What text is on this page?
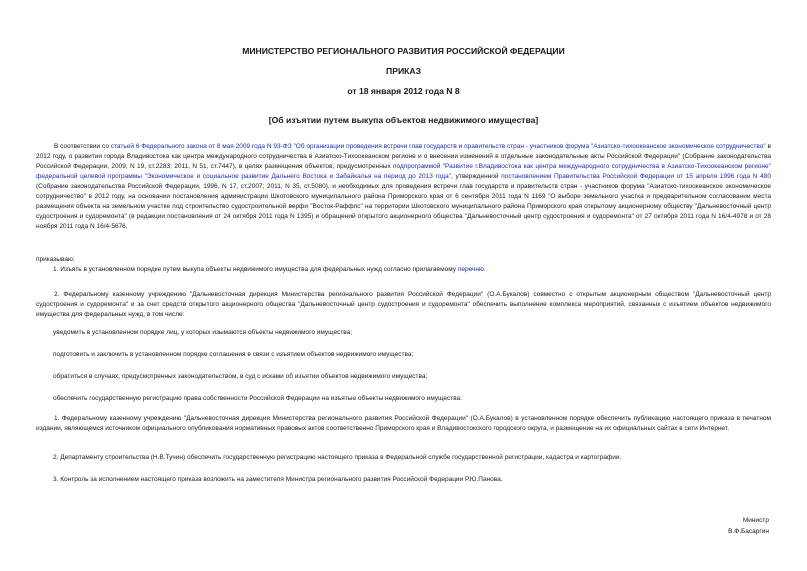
МИНИСТЕРСТВО РЕГИОНАЛЬНОГО РАЗВИТИЯ РОССИЙСКОЙ ФЕДЕРАЦИИ
ПРИКАЗ
от 18 января 2012 года N 8
[Об изъятии путем выкупа объектов недвижимого имущества]
В соответствии со статьей 6 Федерального закона от 8 мая 2009 года N 93-ФЗ "Об организации проведения встречи глав государств и правительств стран - участников форума "Азиатско-тихоокеанское экономическое сотрудничество" в 2012 году, о развитии города Владивостока как центра международного сотрудничества в Азиатско-Тихоокеанском регионе и о внесении изменений в отдельные законодательные акты Российской Федерации" (Собрание законодательства Российской Федерации, 2009, N 19, ст.2283; 2011, N 51, ст.7447), в целях размещения объектов, предусмотренных подпрограммой "Развитие г.Владивостока как центра международного сотрудничества в Азиатско-Тихоокеанском регионе" федеральной целевой программы "Экономическое и социальное развитие Дальнего Востока и Забайкалья на период до 2013 года", утвержденной постановлением Правительства Российской Федерации от 15 апреля 1996 года N 480 (Собрание законодательства Российской Федерации, 1996, N 17, ст.2007; 2011, N 35, ст.5080), и необходимых для проведения встречи глав государств и правительств стран - участников форума "Азиатско-тихоокеанское экономическое сотрудничество" в 2012 году, на основании постановления администрации Шкотовского муниципального района Приморского края от 6 сентября 2011 года N 1169 "О выборе земельного участка и предварительном согласовании места размещения объекта на земельном участке под строительство судостроительной верфи "Восток-Раффлс" на территории Шкотовского муниципального района Приморского края открытому акционерному обществу "Дальневосточный центр судостроения и судоремонта" (в редакции постановления от 24 октября 2011 года N 1395) и обращений открытого акционерного общества "Дальневосточный центр судостроения и судоремонта" от 27 октября 2011 года N 16/4-4978 и от 28 ноября 2011 года N 16/4-5676,
приказываю:
1. Изъять в установленном порядке путем выкупа объекты недвижимого имущества для федеральных нужд согласно прилагаемому перечню.
2. Федеральному казенному учреждению "Дальневосточная дирекция Министерства регионального развития Российской Федерации" (О.А.Букалов) совместно с открытым акционерным обществом "Дальневосточный центр судостроения и судоремонта" и за счет средств открытого акционерного общества "Дальневосточный центр судостроения и судоремонта" обеспечить выполнение комплекса мероприятий, связанных с изъятием объектов недвижимого имущества для федеральных нужд, в том числе:
уведомить в установленном порядке лиц, у которых изымаются объекты недвижимого имущества;
подготовить и заключить в установленном порядке соглашения в связи с изъятием объектов недвижимого имущества;
обратиться в случаях, предусмотренных законодательством, в суд с исками об изъятии объектов недвижимого имущества;
обеспечить государственную регистрацию права собственности Российской Федерации на изъятые объекты недвижимого имущества.
1. Федеральному казенному учреждению "Дальневосточная дирекция Министерства регионального развития Российской Федерации" (О.А.Букалов) в установленном порядке обеспечить публикацию настоящего приказа в печатном издании, являющемся источником официального опубликования нормативных правовых актов соответственно Приморского края и Владивостокского городского округа, и размещение на их официальных сайтах в сети Интернет.
2. Департаменту строительства (Н.В.Тучин) обеспечить государственную регистрацию настоящего приказа в Федеральной службе государственной регистрации, кадастра и картографии.
3. Контроль за исполнением настоящего приказа возложить на заместителя Министра регионального развития Российской Федерации Р.Ю.Панова.
Министр
В.Ф.Басаргин
